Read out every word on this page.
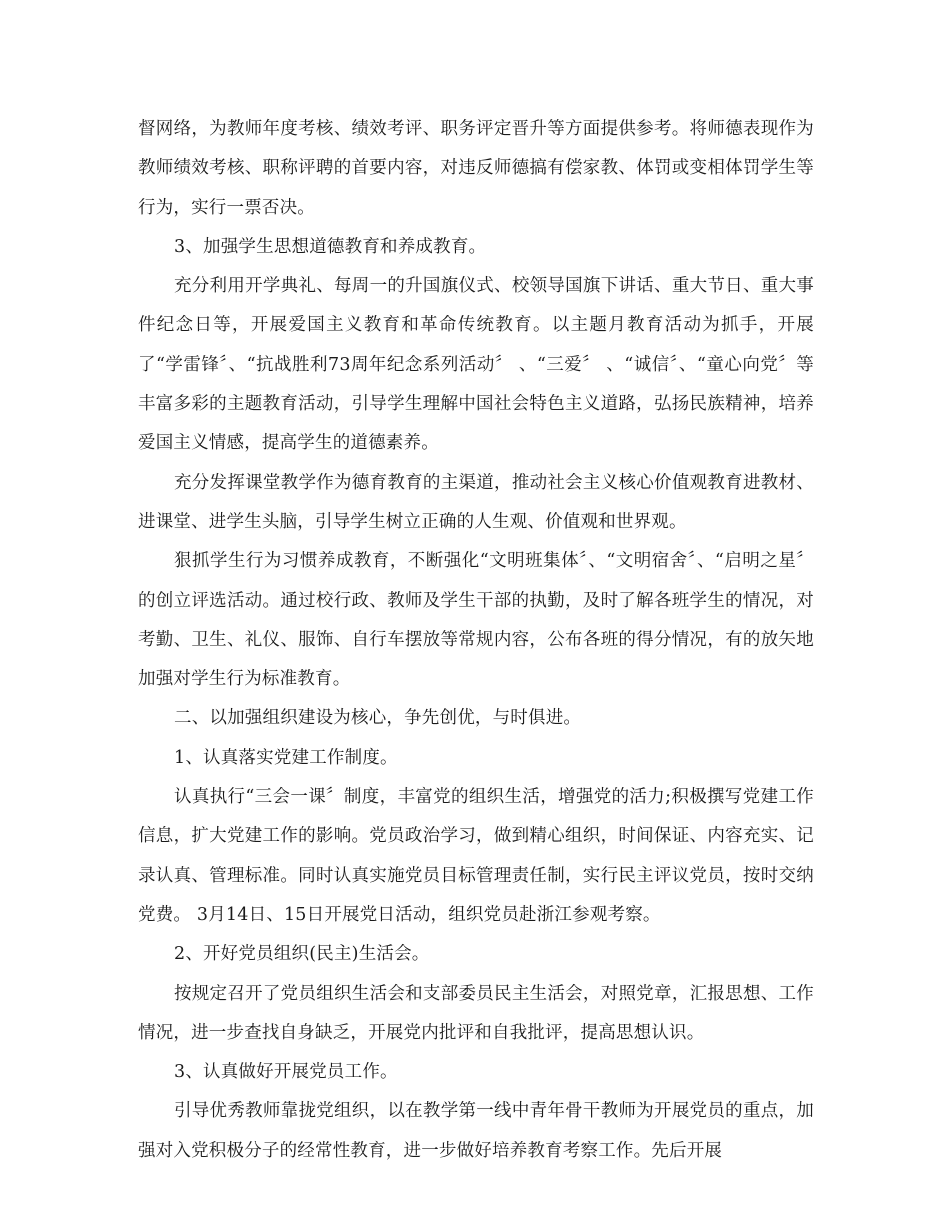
督网络，为教师年度考核、绩效考评、职务评定晋升等方面提供参考。将师德表现作为教师绩效考核、职称评聘的首要内容，对违反师德搞有偿家教、体罚或变相体罚学生等行为，实行一票否决。

3、加强学生思想道德教育和养成教育。

充分利用开学典礼、每周一的升国旗仪式、校领导国旗下讲话、重大节日、重大事件纪念日等，开展爱国主义教育和革命传统教育。以主题月教育活动为抓手，开展了“学雷锋〞、“抗战胜利73周年纪念系列活动〞 、“三爱〞 、“诚信〞、“童心向党〞等丰富多彩的主题教育活动，引导学生理解中国社会特色主义道路，弘扬民族精神，培养爱国主义情感，提高学生的道德素养。

充分发挥课堂教学作为德育教育的主渠道，推动社会主义核心价值观教育进教材、进课堂、进学生头脑，引导学生树立正确的人生观、价值观和世界观。

狠抓学生行为习惯养成教育，不断强化“文明班集体〞、“文明宿舍〞、“启明之星〞的创立评选活动。通过校行政、教师及学生干部的执勤，及时了解各班学生的情况，对考勤、卫生、礼仪、服饰、自行车摆放等常规内容，公布各班的得分情况，有的放矢地加强对学生行为标准教育。

二、以加强组织建设为核心，争先创优，与时俱进。

1、认真落实党建工作制度。

认真执行“三会一课〞制度，丰富党的组织生活，增强党的活力;积极撰写党建工作信息，扩大党建工作的影响。党员政治学习，做到精心组织，时间保证、内容充实、记录认真、管理标准。同时认真实施党员目标管理责任制，实行民主评议党员，按时交纳党费。 3月14日、15日开展党日活动，组织党员赴浙江参观考察。

2、开好党员组织(民主)生活会。

按规定召开了党员组织生活会和支部委员民主生活会，对照党章，汇报思想、工作情况，进一步查找自身缺乏，开展党内批评和自我批评，提高思想认识。

3、认真做好开展党员工作。

引导优秀教师靠拢党组织，以在教学第一线中青年骨干教师为开展党员的重点，加强对入党积极分子的经常性教育，进一步做好培养教育考察工作。先后开展
